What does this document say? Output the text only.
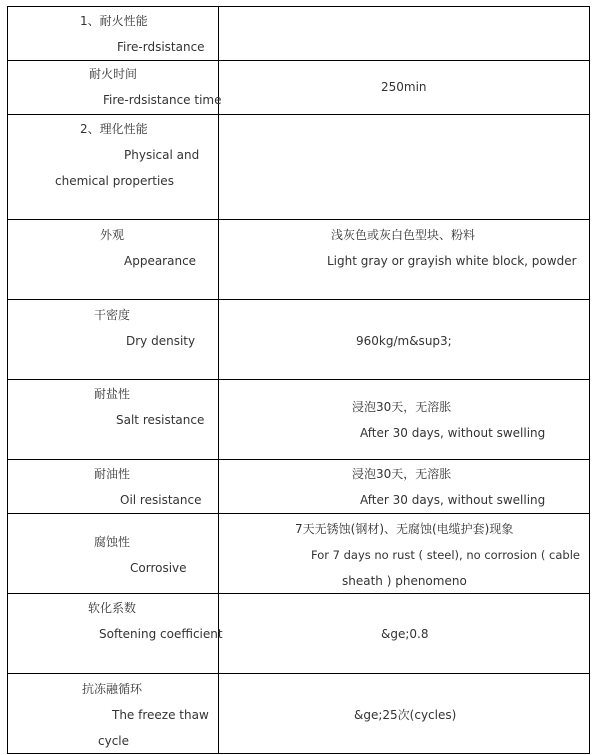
1、耐火性能
Fire-rdsistance	

耐火时间
Fire-rdsistance time	250min

2、理化性能
Physical and
chemical properties	

外观
Appearance	浅灰色或灰白色型块、粉料
Light gray or grayish white block, powder

干密度
Dry density	960kg/m&sup3;

耐盐性
Salt resistance	浸泡30天，无溶胀
After 30 days, without swelling

耐油性
Oil resistance	浸泡30天，无溶胀
After 30 days, without swelling

腐蚀性
Corrosive	7天无锈蚀(钢材)、无腐蚀(电缆护套)现象
For 7 days no rust ( steel), no corrosion ( cable
sheath ) phenomeno

软化系数
Softening coefficient	&ge;0.8

抗冻融循环
The freeze thaw
cycle	&ge;25次(cycles)
